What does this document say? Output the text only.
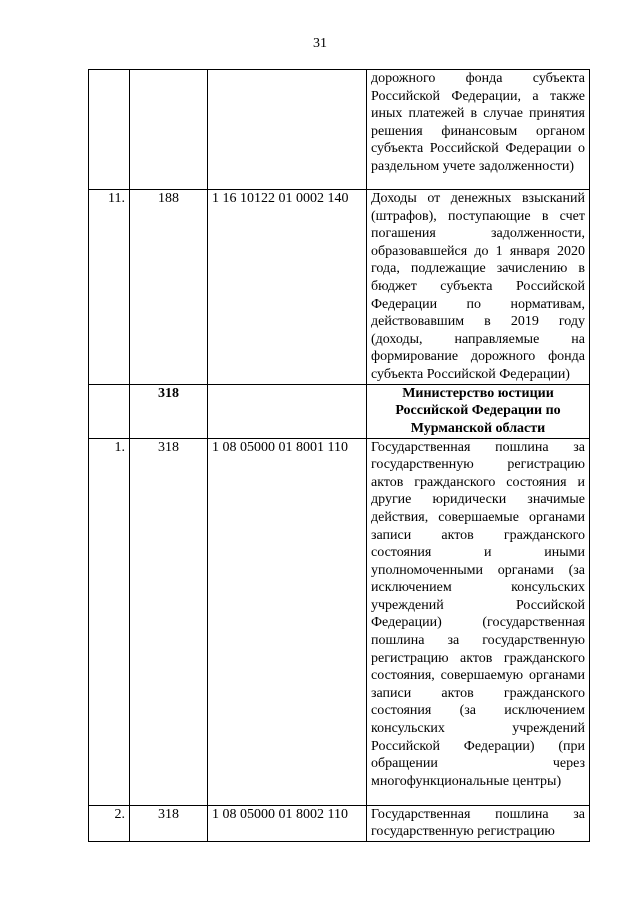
31

			дорожного фонда субъекта Российской Федерации, а также иных платежей в случае принятия решения финансовым органом субъекта Российской Федерации о раздельном учете задолженности)

11.	188	1 16 10122 01 0002 140	Доходы от денежных взысканий (штрафов), поступающие в счет погашения задолженности, образовавшейся до 1 января 2020 года, подлежащие зачислению в бюджет субъекта Российской Федерации по нормативам, действовавшим в 2019 году (доходы, направляемые на формирование дорожного фонда субъекта Российской Федерации)

	318		Министерство юстиции Российской Федерации по Мурманской области
1.	318	1 08 05000 01 8001 110	Государственная пошлина за государственную регистрацию актов гражданского состояния и другие юридически значимые действия, совершаемые органами записи актов гражданского состояния и иными уполномоченными органами (за исключением консульских учреждений Российской Федерации) (государственная пошлина за государственную регистрацию актов гражданского состояния, совершаемую органами записи актов гражданского состояния (за исключением консульских учреждений Российской Федерации) (при обращении через многофункциональные центры)

2.	318	1 08 05000 01 8002 110	Государственная пошлина за государственную регистрацию
